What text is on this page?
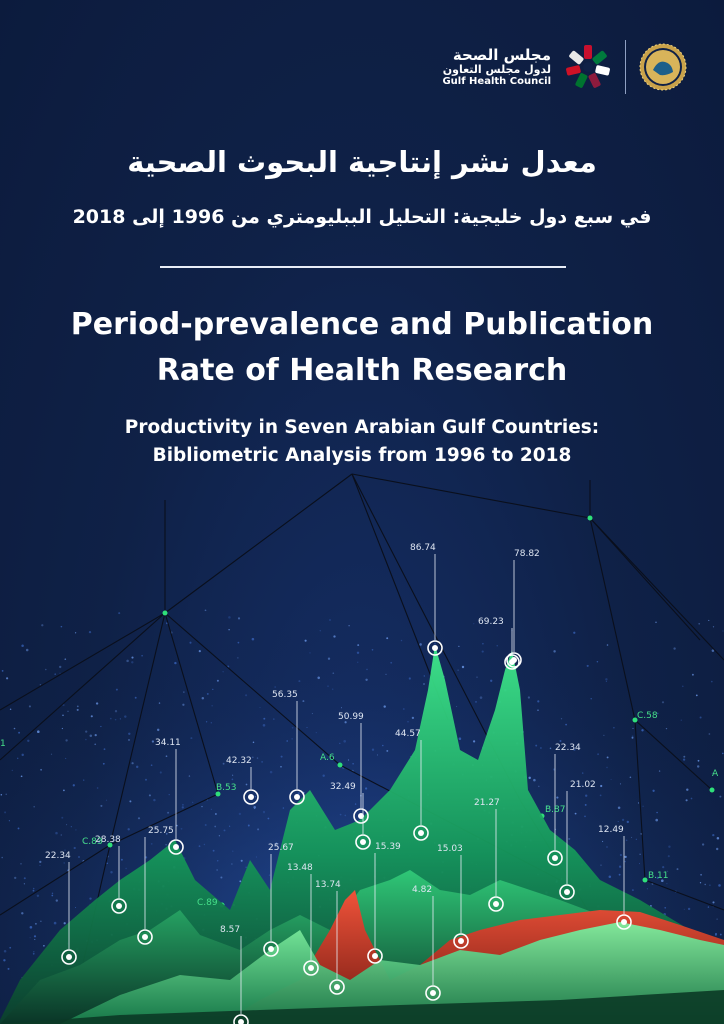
مجلس الصحة
لدول مجلس التعاون
Gulf Health Council
معدل نشر إنتاجية البحوث الصحية
في سبع دول خليجية: التحليل الببليومتري من 1996 إلى 2018
Period-prevalence and Publication
Rate of Health Research
Productivity in Seven Arabian Gulf Countries:
Bibliometric Analysis from 1996 to 2018
86.74
78.82
69.23
56.35
50.99
44.57
42.32
34.11
32.49
28.38
25.75
25.67
22.34
22.34
21.27
21.02
15.39	15.03
13.74
13.48
12.49
8.57
4.82
C.83
B.53
A.6
C.89
B.87
C.58
B.11
A
1
